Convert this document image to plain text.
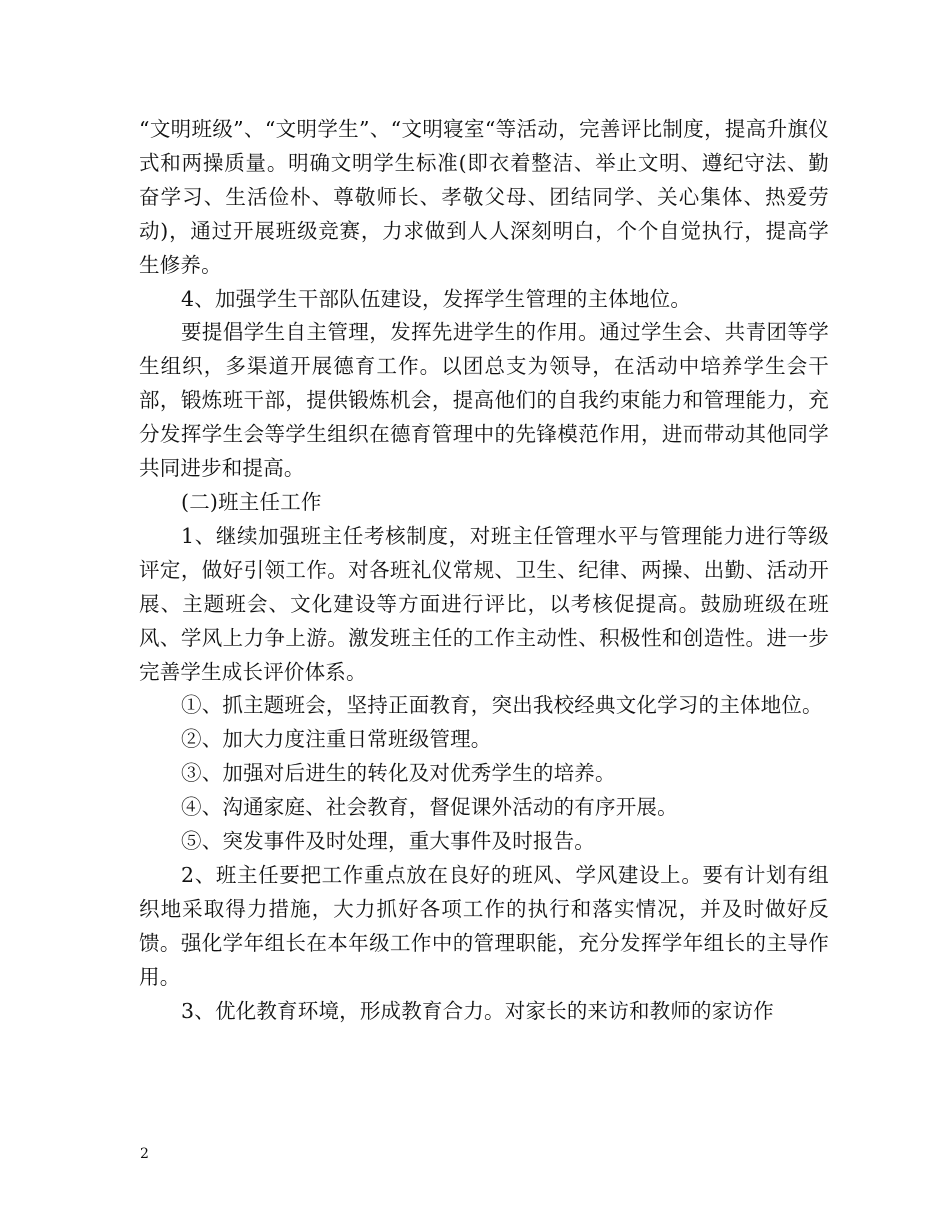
“文明班级”、“文明学生”、“文明寝室“等活动，完善评比制度，提高升旗仪式和两操质量。明确文明学生标准(即衣着整洁、举止文明、遵纪守法、勤奋学习、生活俭朴、尊敬师长、孝敬父母、团结同学、关心集体、热爱劳动)，通过开展班级竞赛，力求做到人人深刻明白，个个自觉执行，提高学生修养。

4、加强学生干部队伍建设，发挥学生管理的主体地位。

要提倡学生自主管理，发挥先进学生的作用。通过学生会、共青团等学生组织，多渠道开展德育工作。以团总支为领导，在活动中培养学生会干部，锻炼班干部，提供锻炼机会，提高他们的自我约束能力和管理能力，充分发挥学生会等学生组织在德育管理中的先锋模范作用，进而带动其他同学共同进步和提高。

(二)班主任工作

1、继续加强班主任考核制度，对班主任管理水平与管理能力进行等级评定，做好引领工作。对各班礼仪常规、卫生、纪律、两操、出勤、活动开展、主题班会、文化建设等方面进行评比，以考核促提高。鼓励班级在班风、学风上力争上游。激发班主任的工作主动性、积极性和创造性。进一步完善学生成长评价体系。

①、抓主题班会，坚持正面教育，突出我校经典文化学习的主体地位。

②、加大力度注重日常班级管理。

③、加强对后进生的转化及对优秀学生的培养。

④、沟通家庭、社会教育，督促课外活动的有序开展。

⑤、突发事件及时处理，重大事件及时报告。

2、班主任要把工作重点放在良好的班风、学风建设上。要有计划有组织地采取得力措施，大力抓好各项工作的执行和落实情况，并及时做好反馈。强化学年组长在本年级工作中的管理职能，充分发挥学年组长的主导作用。

3、优化教育环境，形成教育合力。对家长的来访和教师的家访作

2
